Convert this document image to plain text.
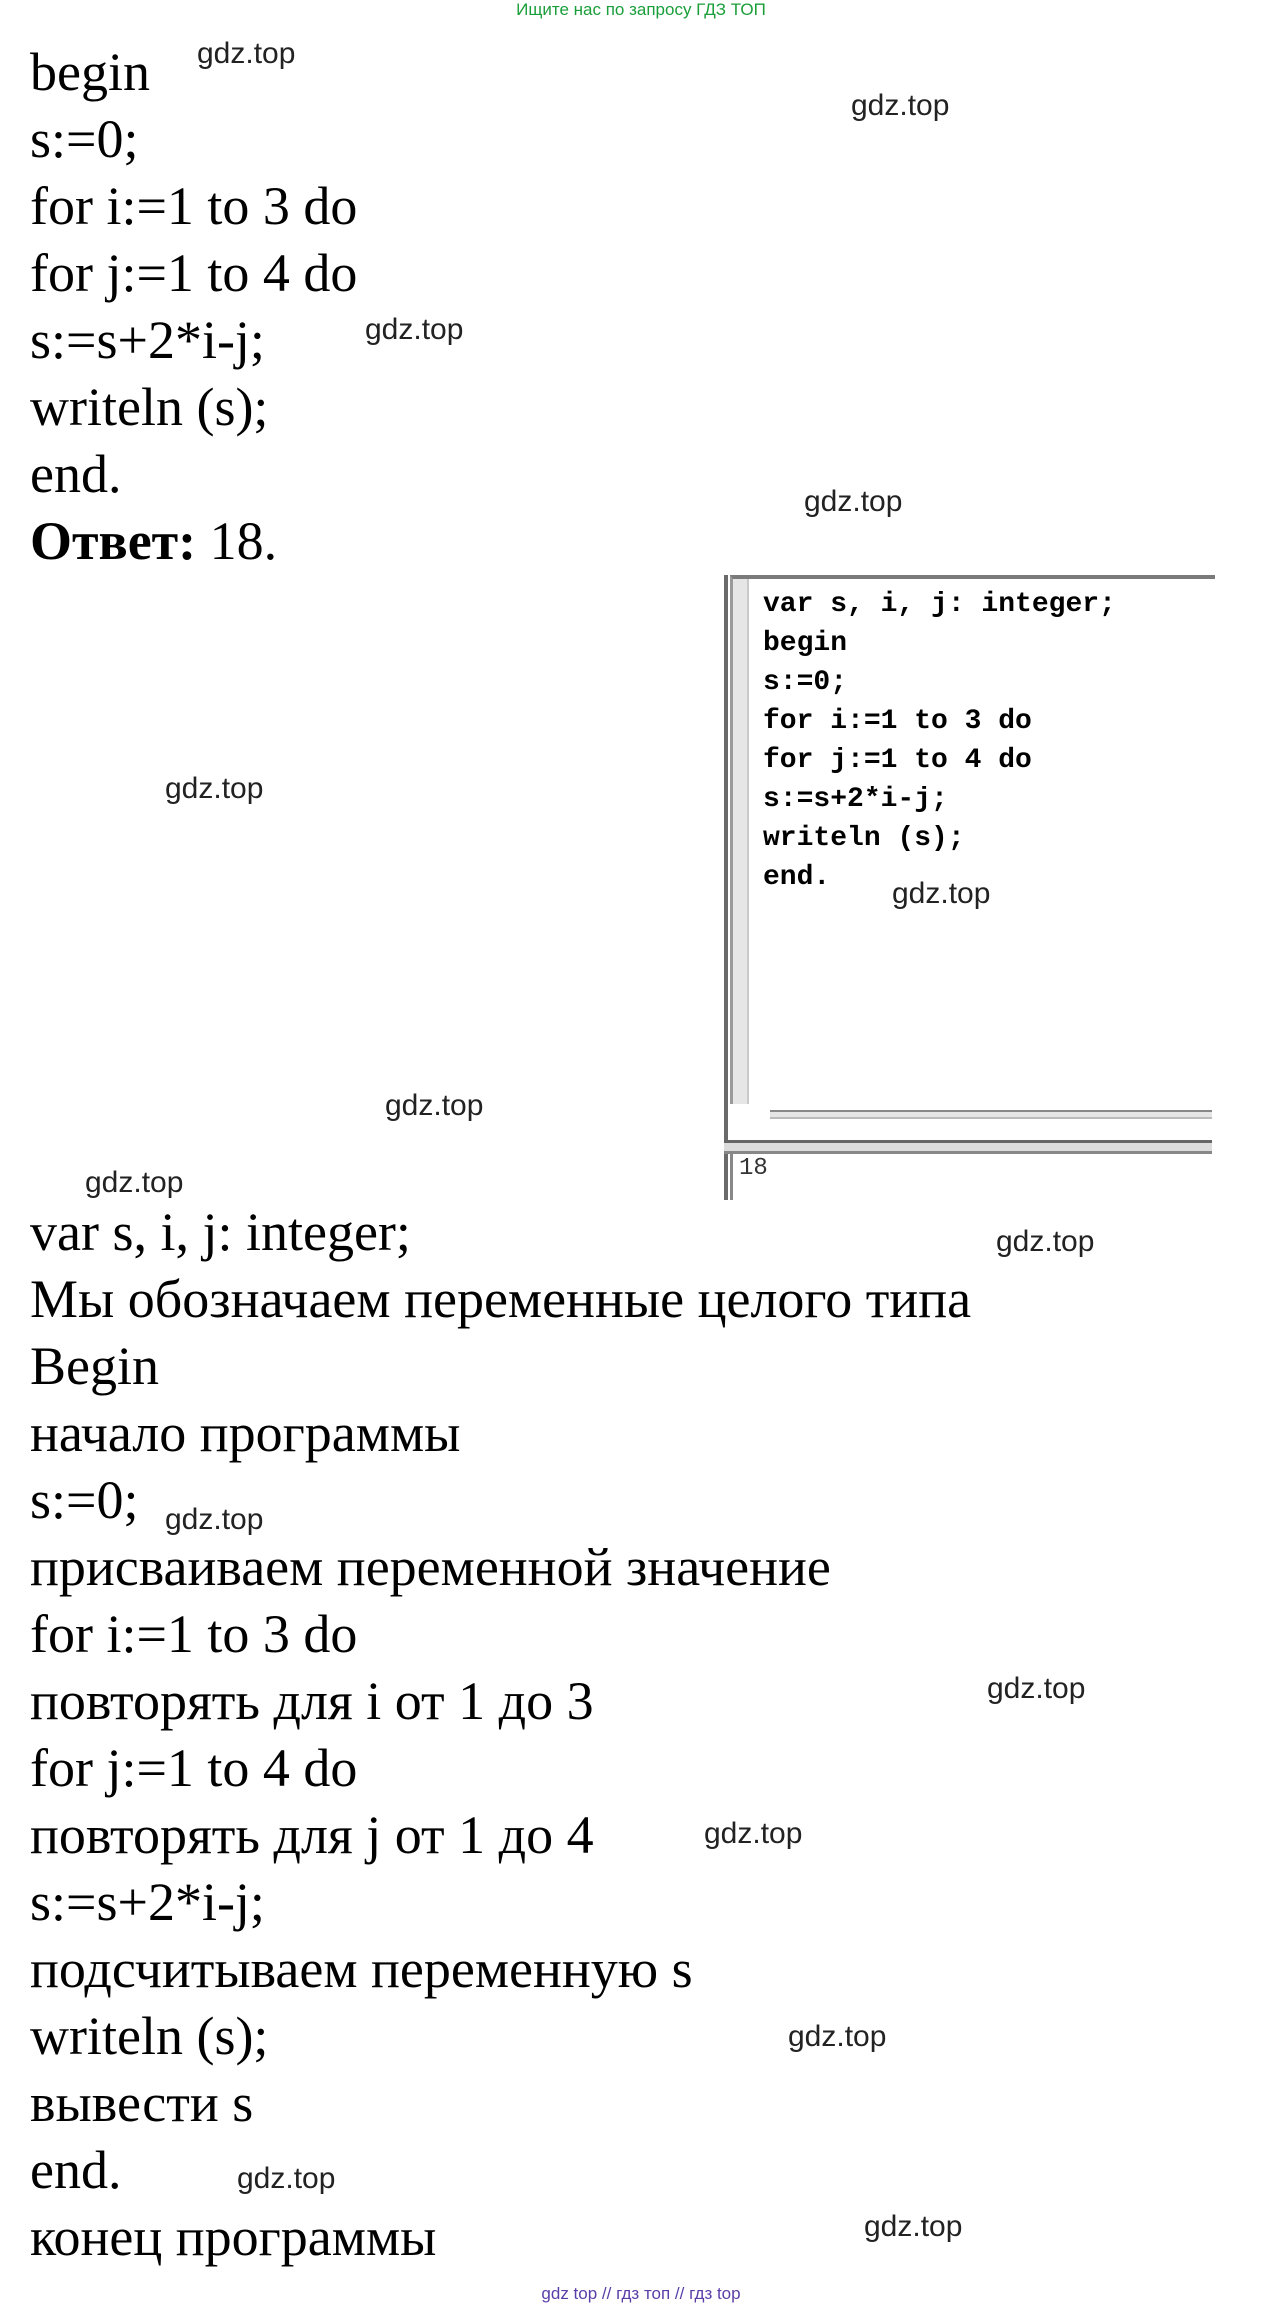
Ищите нас по запросу ГДЗ ТОП
begin
s:=0;
for i:=1 to 3 do
for j:=1 to 4 do
s:=s+2*i-j;
writeln (s);
end.
Ответ: 18.
var s, i, j: integer;
begin
s:=0;
for i:=1 to 3 do
for j:=1 to 4 do
s:=s+2*i-j;
writeln (s);
end.
18
var s, i, j: integer;
Мы обозначаем переменные целого типа
Begin
начало программы
s:=0;
присваиваем переменной значение
for i:=1 to 3 do
повторять для i от 1 до 3
for j:=1 to 4 do
повторять для j от 1 до 4
s:=s+2*i-j;
подсчитываем переменную s
writeln (s);
вывести s
end.
конец программы
gdz.top
gdz.top
gdz.top
gdz.top
gdz.top
gdz.top
gdz.top
gdz.top
gdz.top
gdz.top
gdz.top
gdz.top
gdz.top
gdz.top
gdz.top
gdz top // гдз топ // гдз top
